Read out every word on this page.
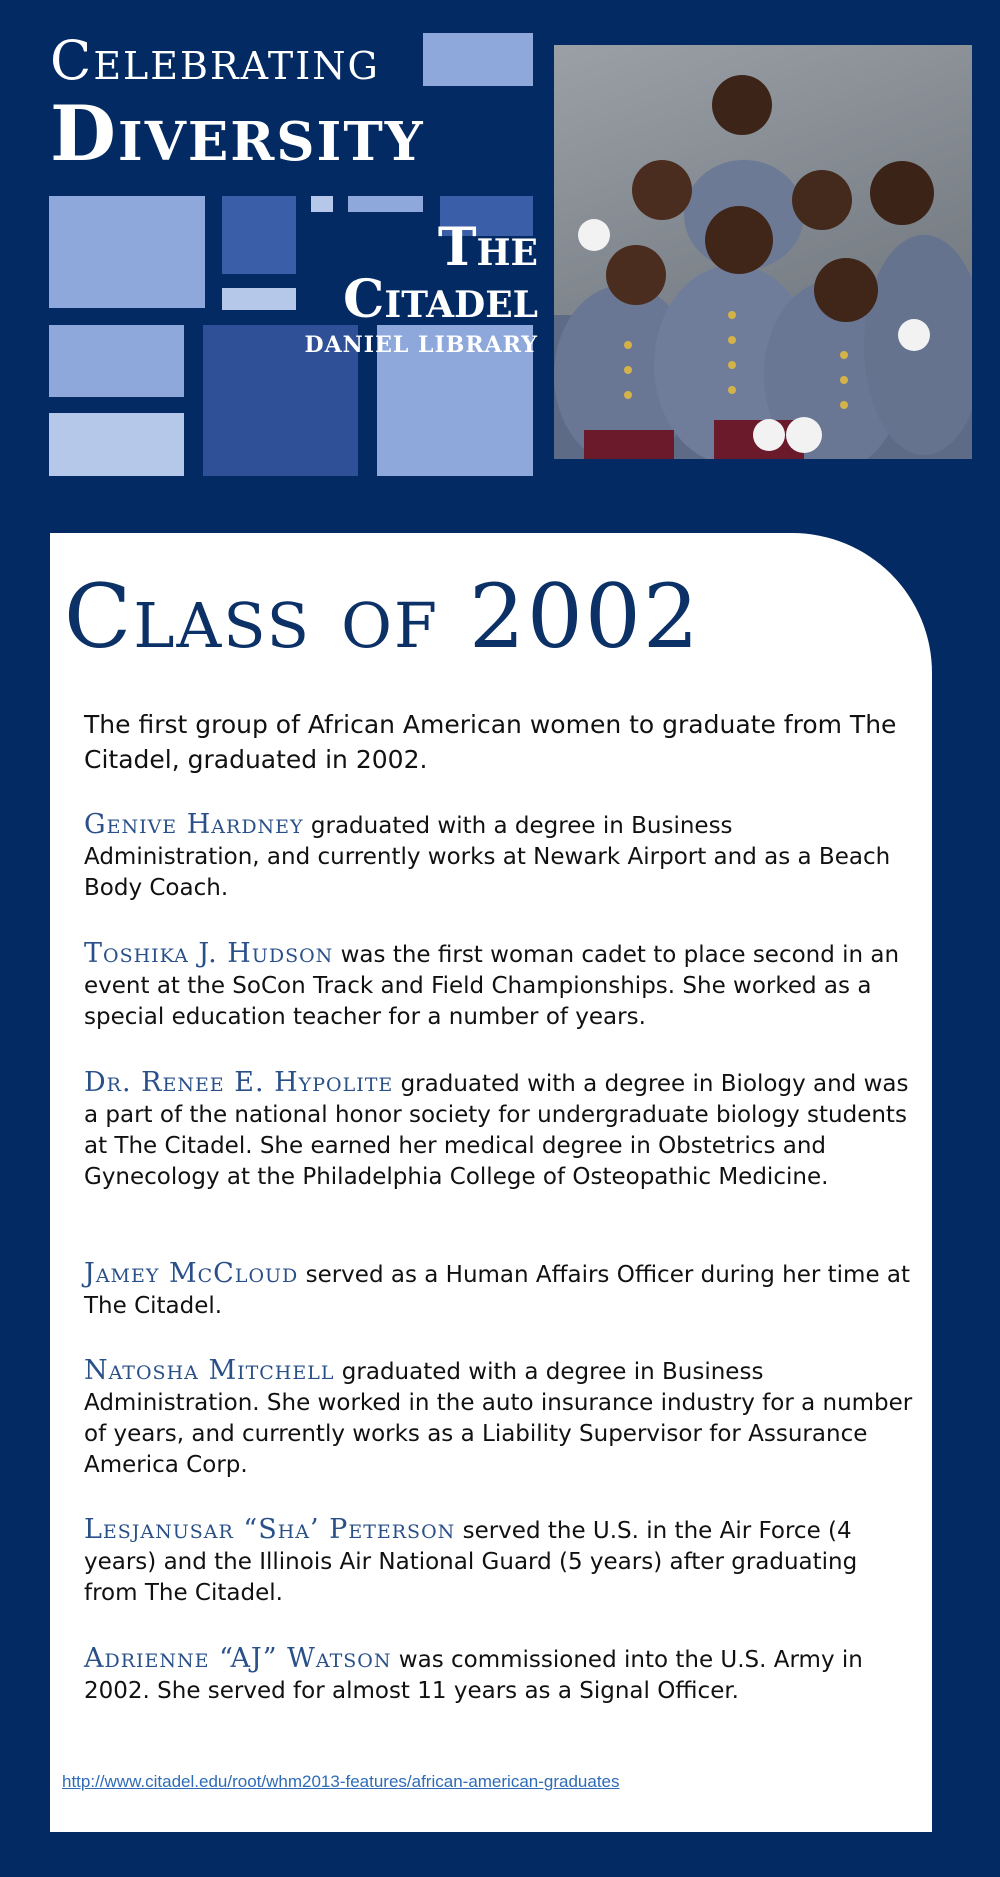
Celebrating
Diversity
The Citadel
DANIEL LIBRARY
Class of 2002
The first group of African American women to graduate from The Citadel, graduated in 2002.
Genive Hardney graduated with a degree in Business Administration, and currently works at Newark Airport and as a Beach Body Coach.
Toshika J. Hudson was the first woman cadet to place second in an event at the SoCon Track and Field Championships. She worked as a special education teacher for a number of years.
Dr. Renee E. Hypolite graduated with a degree in Biology and was a part of the national honor society for undergraduate biology students at The Citadel. She earned her medical degree in Obstetrics and Gynecology at the Philadelphia College of Osteopathic Medicine.
Jamey McCloud served as a Human Affairs Officer during her time at The Citadel.
Natosha Mitchell graduated with a degree in Business Administration. She worked in the auto insurance industry for a number of years, and currently works as a Liability Supervisor for Assurance America Corp.
Lesjanusar “Sha’ Peterson served the U.S. in the Air Force (4 years) and the Illinois Air National Guard (5 years) after graduating from The Citadel.
Adrienne “AJ” Watson was commissioned into the U.S. Army in 2002. She served for almost 11 years as a Signal Officer.
http://www.citadel.edu/root/whm2013-features/african-american-graduates
